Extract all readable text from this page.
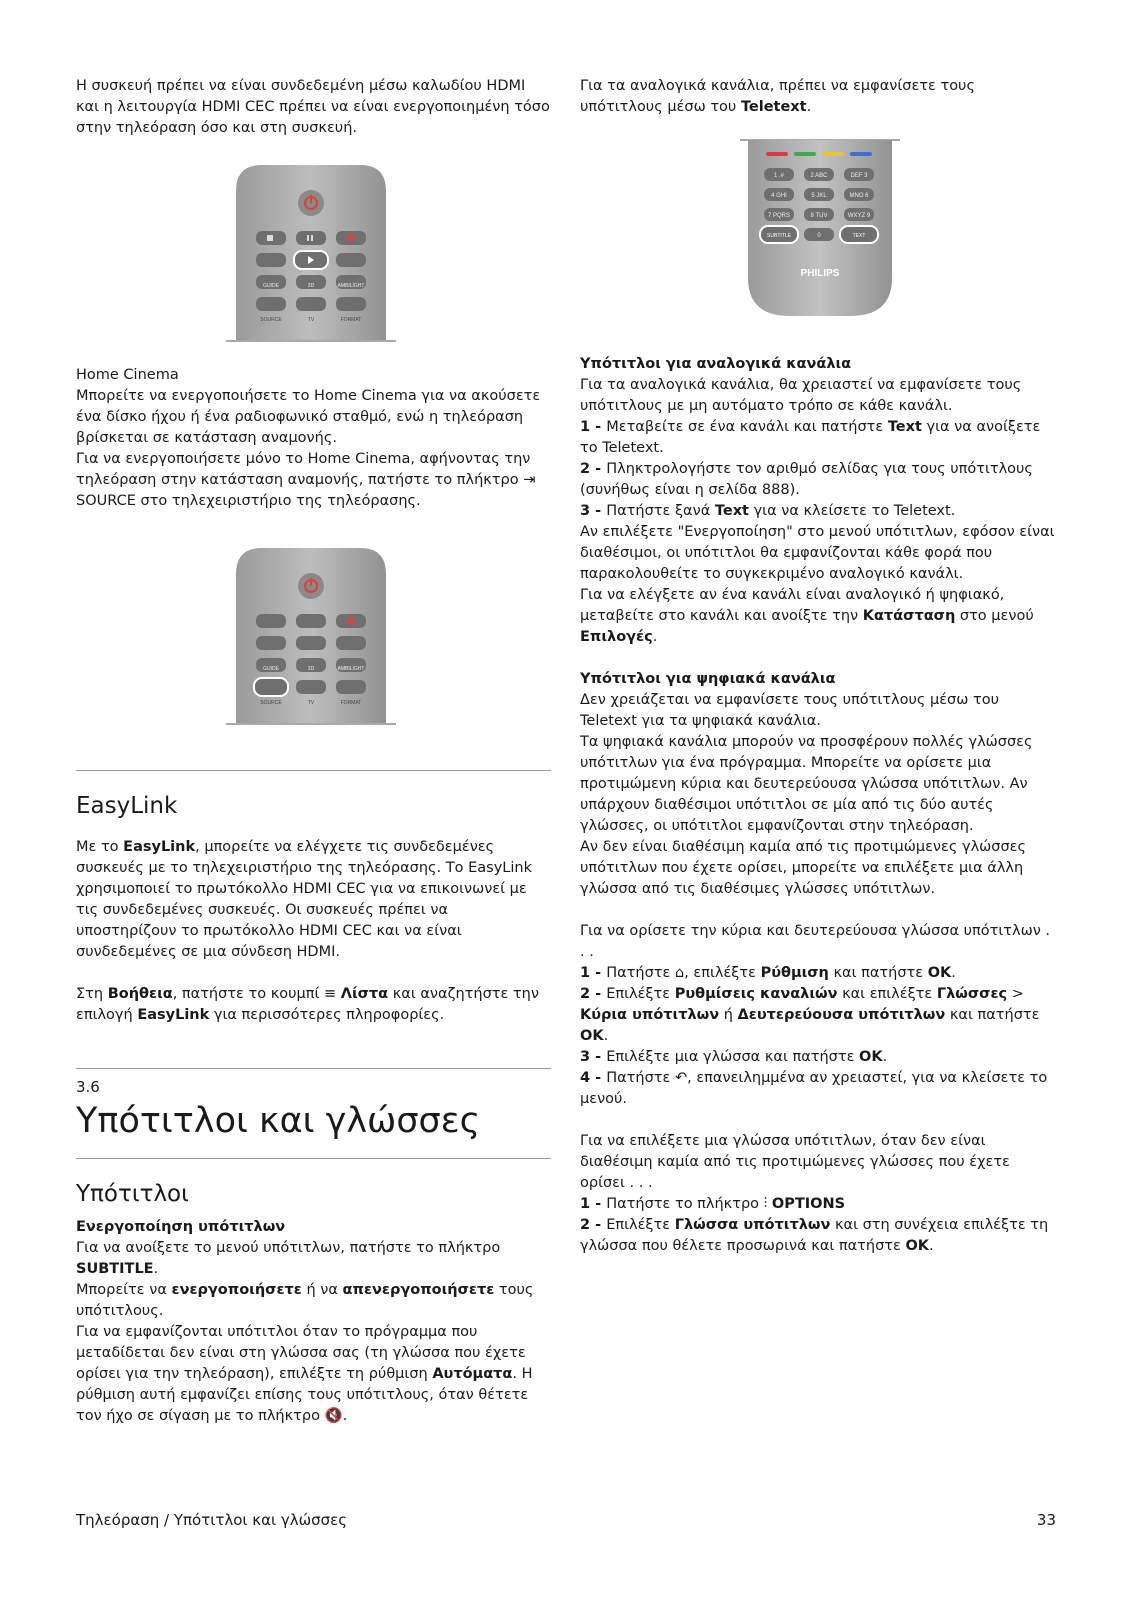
Η συσκευή πρέπει να είναι συνδεδεμένη μέσω καλωδίου HDMI και η λειτουργία HDMI CEC πρέπει να είναι ενεργοποιημένη τόσο στην τηλεόραση όσο και στη συσκευή.

GUIDE	3D	AMBILIGHT
SOURCE	TV	FORMAT

Home Cinema

Μπορείτε να ενεργοποιήσετε το Home Cinema για να ακούσετε ένα δίσκο ήχου ή ένα ραδιοφωνικό σταθμό, ενώ η τηλεόραση βρίσκεται σε κατάσταση αναμονής.

Για να ενεργοποιήσετε μόνο το Home Cinema, αφήνοντας την τηλεόραση στην κατάσταση αναμονής, πατήστε το πλήκτρο ⇥ SOURCE στο τηλεχειριστήριο της τηλεόρασης.

GUIDE	3D	AMBILIGHT
SOURCE	TV	FORMAT

EasyLink

Με το EasyLink, μπορείτε να ελέγχετε τις συνδεδεμένες συσκευές με το τηλεχειριστήριο της τηλεόρασης. Το EasyLink χρησιμοποιεί το πρωτόκολλο HDMI CEC για να επικοινωνεί με τις συνδεδεμένες συσκευές. Οι συσκευές πρέπει να υποστηρίζουν το πρωτόκολλο HDMI CEC και να είναι συνδεδεμένες σε μια σύνδεση HDMI.

Στη Βοήθεια, πατήστε το κουμπί ≡ Λίστα και αναζητήστε την επιλογή EasyLink για περισσότερες πληροφορίες.

3.6

Υπότιτλοι και γλώσσες

Υπότιτλοι

Ενεργοποίηση υπότιτλων

Για να ανοίξετε το μενού υπότιτλων, πατήστε το πλήκτρο SUBTITLE.

Μπορείτε να ενεργοποιήσετε ή να απενεργοποιήσετε τους υπότιτλους.

Για να εμφανίζονται υπότιτλοι όταν το πρόγραμμα που μεταδίδεται δεν είναι στη γλώσσα σας (τη γλώσσα που έχετε ορίσει για την τηλεόραση), επιλέξτε τη ρύθμιση Αυτόματα. Η ρύθμιση αυτή εμφανίζει επίσης τους υπότιτλους, όταν θέτετε τον ήχο σε σίγαση με το πλήκτρο 🔇.

Για τα αναλογικά κανάλια, πρέπει να εμφανίσετε τους υπότιτλους μέσω του Teletext.

1 .#	2 ABC	DEF 3
4 GHI	5 JKL	MNO 6
7 PQRS	8 TUV	WXYZ 9
0
SUBTITLE	TEXT
PHILIPS

Υπότιτλοι για αναλογικά κανάλια

Για τα αναλογικά κανάλια, θα χρειαστεί να εμφανίσετε τους υπότιτλους με μη αυτόματο τρόπο σε κάθε κανάλι.

1 - Μεταβείτε σε ένα κανάλι και πατήστε Text για να ανοίξετε το Teletext.

2 - Πληκτρολογήστε τον αριθμό σελίδας για τους υπότιτλους (συνήθως είναι η σελίδα 888).

3 - Πατήστε ξανά Text για να κλείσετε το Teletext.

Αν επιλέξετε "Ενεργοποίηση" στο μενού υπότιτλων, εφόσον είναι διαθέσιμοι, οι υπότιτλοι θα εμφανίζονται κάθε φορά που παρακολουθείτε το συγκεκριμένο αναλογικό κανάλι.

Για να ελέγξετε αν ένα κανάλι είναι αναλογικό ή ψηφιακό, μεταβείτε στο κανάλι και ανοίξτε την Κατάσταση στο μενού Επιλογές.

Υπότιτλοι για ψηφιακά κανάλια

Δεν χρειάζεται να εμφανίσετε τους υπότιτλους μέσω του Teletext για τα ψηφιακά κανάλια.

Τα ψηφιακά κανάλια μπορούν να προσφέρουν πολλές γλώσσες υπότιτλων για ένα πρόγραμμα. Μπορείτε να ορίσετε μια προτιμώμενη κύρια και δευτερεύουσα γλώσσα υπότιτλων. Αν υπάρχουν διαθέσιμοι υπότιτλοι σε μία από τις δύο αυτές γλώσσες, οι υπότιτλοι εμφανίζονται στην τηλεόραση.

Αν δεν είναι διαθέσιμη καμία από τις προτιμώμενες γλώσσες υπότιτλων που έχετε ορίσει, μπορείτε να επιλέξετε μια άλλη γλώσσα από τις διαθέσιμες γλώσσες υπότιτλων.

Για να ορίσετε την κύρια και δευτερεύουσα γλώσσα υπότιτλων . . .

1 - Πατήστε ⌂, επιλέξτε Ρύθμιση και πατήστε OK.

2 - Επιλέξτε Ρυθμίσεις καναλιών και επιλέξτε Γλώσσες > Κύρια υπότιτλων ή Δευτερεύουσα υπότιτλων και πατήστε OK.

3 - Επιλέξτε μια γλώσσα και πατήστε OK.

4 - Πατήστε ↶, επανειλημμένα αν χρειαστεί, για να κλείσετε το μενού.

Για να επιλέξετε μια γλώσσα υπότιτλων, όταν δεν είναι διαθέσιμη καμία από τις προτιμώμενες γλώσσες που έχετε ορίσει . . .

1 - Πατήστε το πλήκτρο ⫶ OPTIONS

2 - Επιλέξτε Γλώσσα υπότιτλων και στη συνέχεια επιλέξτε τη γλώσσα που θέλετε προσωρινά και πατήστε OK.

Τηλεόραση / Υπότιτλοι και γλώσσες	33
